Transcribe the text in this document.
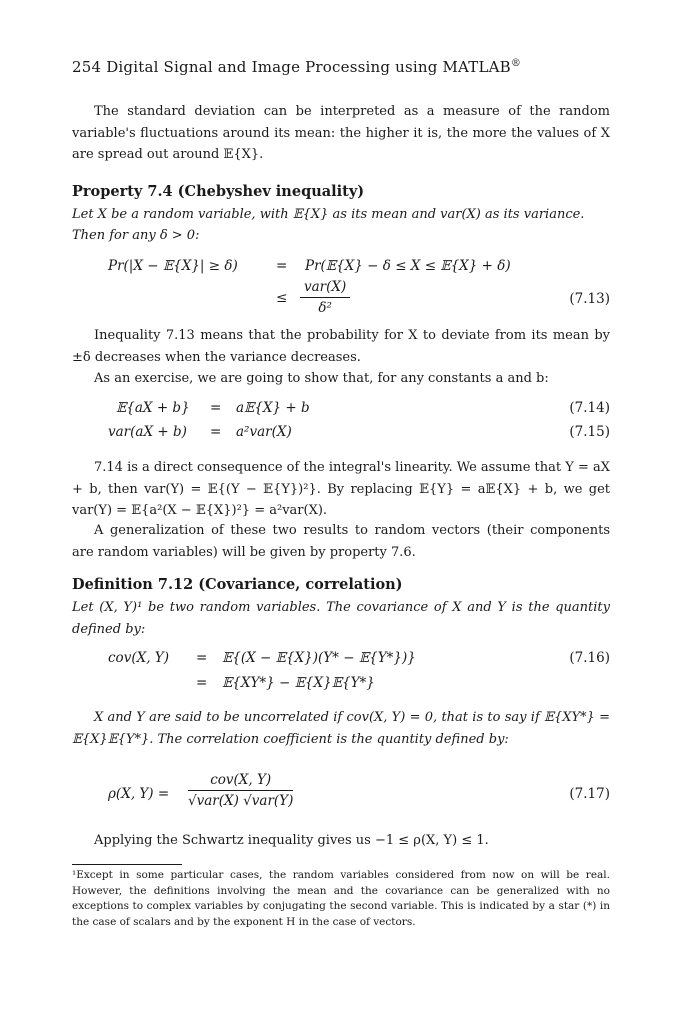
254 Digital Signal and Image Processing using MATLAB®
The standard deviation can be interpreted as a measure of the random variable's fluctuations around its mean: the higher it is, the more the values of X are spread out around 𝔼{X}.
Property 7.4 (Chebyshev inequality)
Let X be a random variable, with 𝔼{X} as its mean and var(X) as its variance.
Then for any δ > 0:
Pr(|X − 𝔼{X}| ≥ δ)	= Pr(𝔼{X} − δ ≤ X ≤ 𝔼{X} + δ)
≤ $\frac{\text{var(X)}}{\text{δ²}}$	(7.13)
Inequality 7.13 means that the probability for X to deviate from its mean by ±δ decreases when the variance decreases.
As an exercise, we are going to show that, for any constants a and b:
𝔼{aX + b} = a𝔼{X} + b	(7.14)
var(aX + b) = a²var(X)	(7.15)
7.14 is a direct consequence of the integral's linearity. We assume that Y = aX + b, then var(Y) = 𝔼{(Y − 𝔼{Y})²}. By replacing 𝔼{Y} = a𝔼{X} + b, we get var(Y) = 𝔼{a²(X − 𝔼{X})²} = a²var(X).
A generalization of these two results to random vectors (their components are random variables) will be given by property 7.6.
Definition 7.12 (Covariance, correlation)
Let (X, Y)¹ be two random variables. The covariance of X and Y is the quantity defined by:
cov(X, Y) = 𝔼{(X − 𝔼{X})(Y* − 𝔼{Y*})}	(7.16)
= 𝔼{XY*} − 𝔼{X}𝔼{Y*}
X and Y are said to be uncorrelated if cov(X, Y) = 0, that is to say if 𝔼{XY*} = 𝔼{X}𝔼{Y*}. The correlation coefficient is the quantity defined by:
ρ(X, $Y) = \frac{\text{cov(X, Y)}}{\text{√var(X) √var(Y)}}$	(7.17)
Applying the Schwartz inequality gives us −1 ≤ ρ(X, Y) ≤ 1.
¹Except in some particular cases, the random variables considered from now on will be real. However, the definitions involving the mean and the covariance can be generalized with no exceptions to complex variables by conjugating the second variable. This is indicated by a star (*) in the case of scalars and by the exponent H in the case of vectors.
